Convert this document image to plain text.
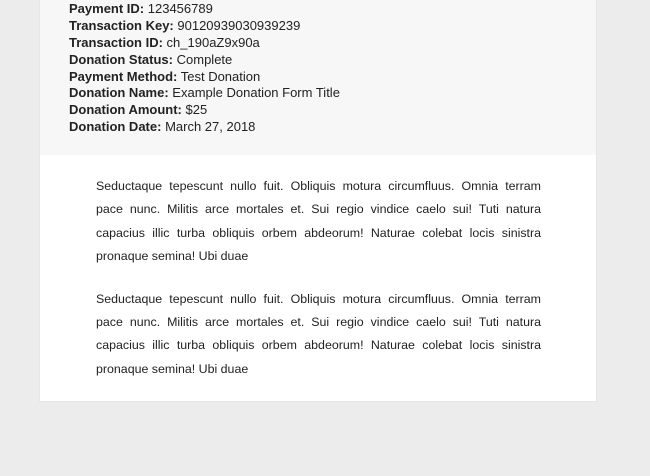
Payment ID: 123456789
Transaction Key: 90120939030939239
Transaction ID: ch_190aZ9x90a
Donation Status: Complete
Payment Method: Test Donation
Donation Name: Example Donation Form Title
Donation Amount: $25
Donation Date: March 27, 2018

Seductaque tepescunt nullo fuit. Obliquis motura circumfluus. Omnia terram pace nunc. Militis arce mortales et. Sui regio vindice caelo sui! Tuti natura capacius illic turba obliquis orbem abdeorum! Naturae colebat locis sinistra pronaque semina! Ubi duae

Seductaque tepescunt nullo fuit. Obliquis motura circumfluus. Omnia terram pace nunc. Militis arce mortales et. Sui regio vindice caelo sui! Tuti natura capacius illic turba obliquis orbem abdeorum! Naturae colebat locis sinistra pronaque semina! Ubi duae
